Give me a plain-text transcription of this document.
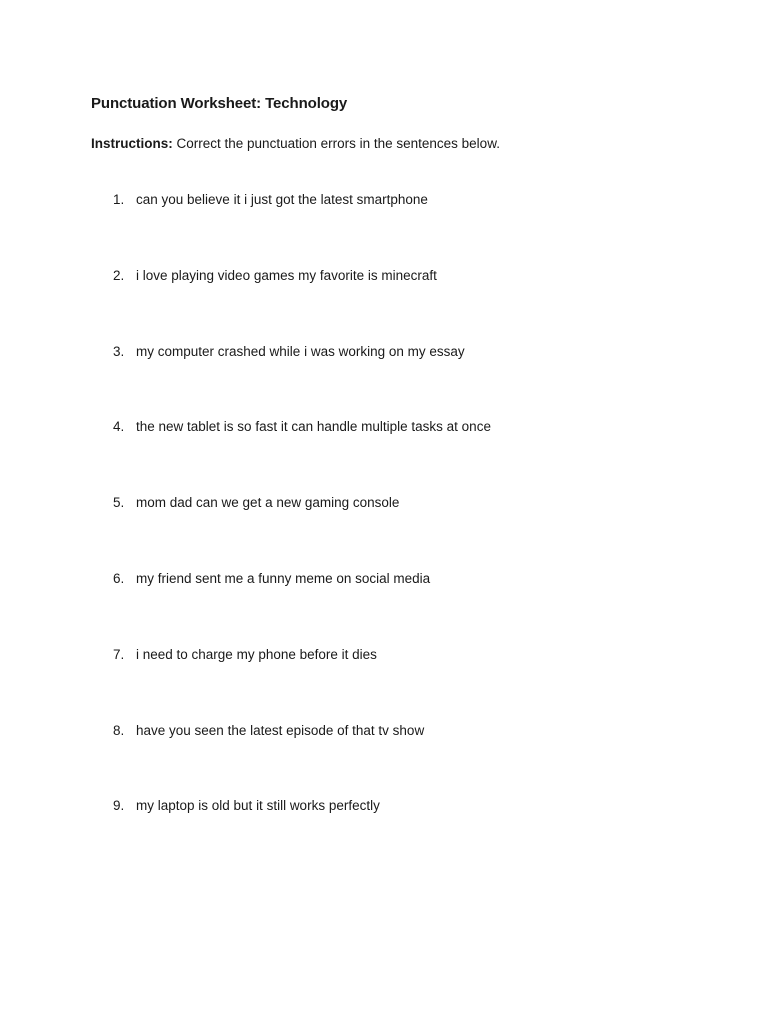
Punctuation Worksheet: Technology

Instructions: Correct the punctuation errors in the sentences below.

1. can you believe it i just got the latest smartphone
2. i love playing video games my favorite is minecraft
3. my computer crashed while i was working on my essay
4. the new tablet is so fast it can handle multiple tasks at once
5. mom dad can we get a new gaming console
6. my friend sent me a funny meme on social media
7. i need to charge my phone before it dies
8. have you seen the latest episode of that tv show
9. my laptop is old but it still works perfectly
